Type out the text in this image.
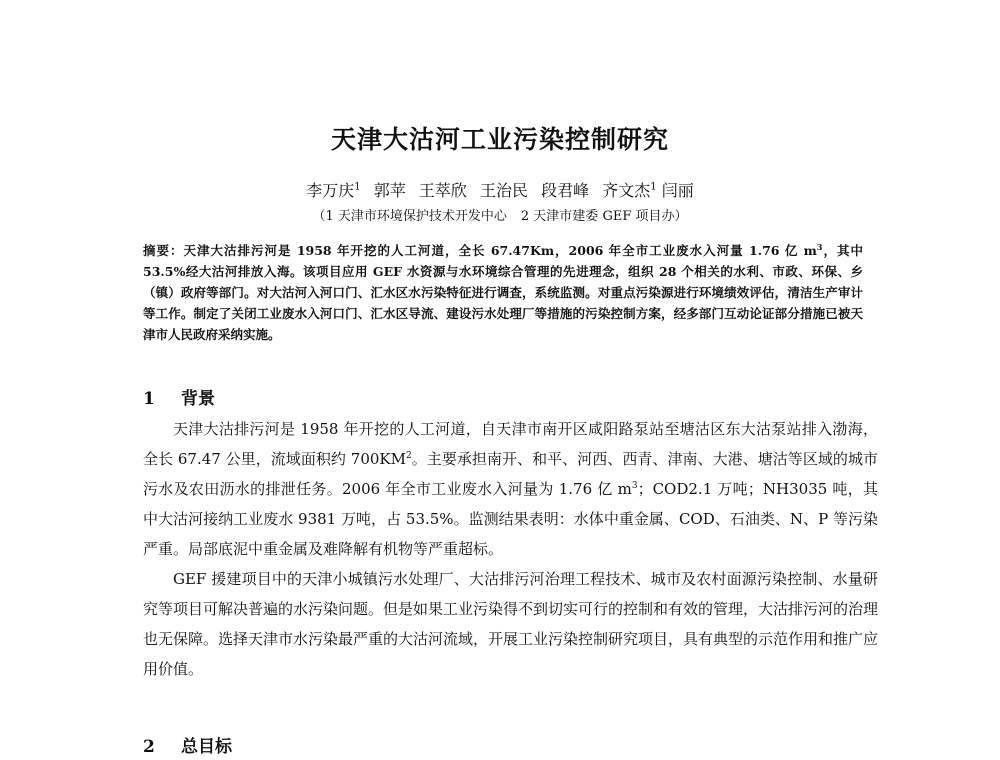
天津大沽河工业污染控制研究
李万庆$^1$ 郭苹 王萃欣 王治民 段君峰 齐文杰$^1$ 闫丽
（1 天津市环境保护技术开发中心 2 天津市建委 GEF 项目办）
摘要：天津大沽排污河是 1958 年开挖的人工河道，全长 67.47Km，2006 年全市工业废水入河量 1.76 亿 $m^3$，其中 53.5%经大沽河排放入海。该项目应用 GEF 水资源与水环境综合管理的先进理念，组织 28 个相关的水利、市政、环保、乡（镇）政府等部门。对大沽河入河口门、汇水区水污染特征进行调查，系统监测。对重点污染源进行环境绩效评估，清洁生产审计等工作。制定了关闭工业废水入河口门、汇水区导流、建设污水处理厂等措施的污染控制方案，经多部门互动论证部分措施已被天津市人民政府采纳实施。
1 背景

天津大沽排污河是 1958 年开挖的人工河道，自天津市南开区咸阳路泵站至塘沽区东大沽泵站排入渤海，全长 67.47 公里，流域面积约 $700KM^2$。主要承担南开、和平、河西、西青、津南、大港、塘沽等区域的城市污水及农田沥水的排泄任务。2006 年全市工业废水入河量为 1.76 亿 $m^3$；COD2.1 万吨；NH3035 吨，其中大沽河接纳工业废水 9381 万吨，占 53.5%。监测结果表明：水体中重金属、COD、石油类、N、P 等污染严重。局部底泥中重金属及难降解有机物等严重超标。

GEF 援建项目中的天津小城镇污水处理厂、大沽排污河治理工程技术、城市及农村面源污染控制、水量研究等项目可解决普遍的水污染问题。但是如果工业污染得不到切实可行的控制和有效的管理，大沽排污河的治理也无保障。选择天津市水污染最严重的大沽河流域，开展工业污染控制研究项目，具有典型的示范作用和推广应用价值。

2 总目标
